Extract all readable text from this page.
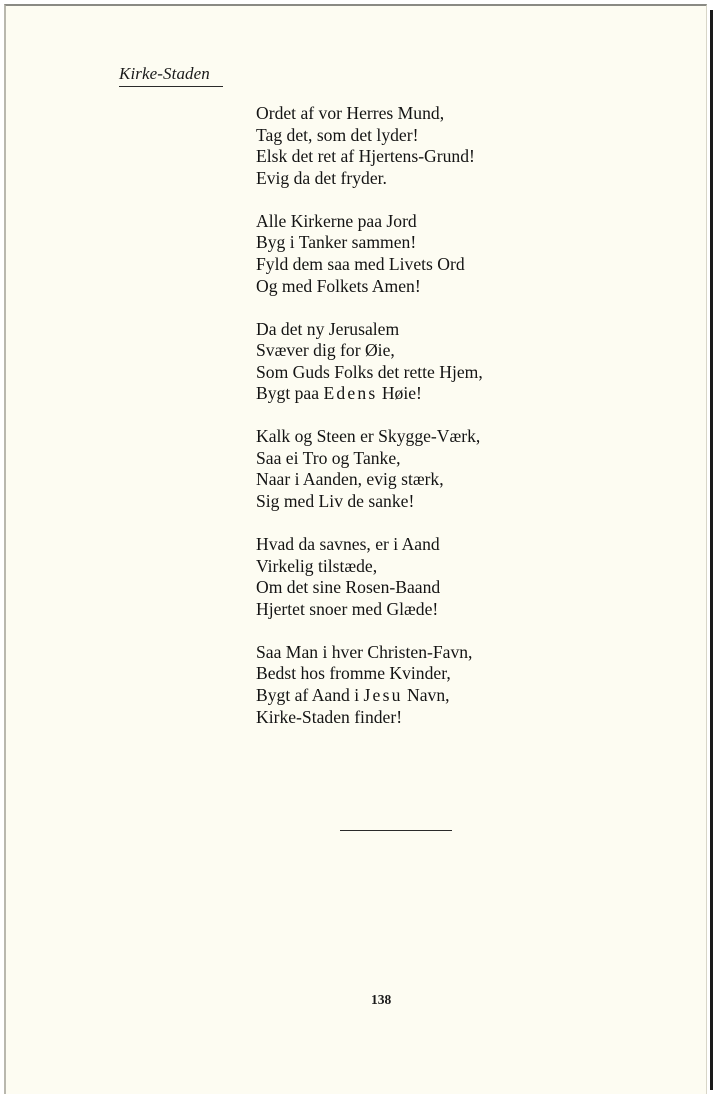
Kirke-Staden
Ordet af vor Herres Mund,
Tag det, som det lyder!
Elsk det ret af Hjertens-Grund!
Evig da det fryder.
Alle Kirkerne paa Jord
Byg i Tanker sammen!
Fyld dem saa med Livets Ord
Og med Folkets Amen!
Da det ny Jerusalem
Svæver dig for Øie,
Som Guds Folks det rette Hjem,
Bygt paa Edens Høie!
Kalk og Steen er Skygge-Værk,
Saa ei Tro og Tanke,
Naar i Aanden, evig stærk,
Sig med Liv de sanke!
Hvad da savnes, er i Aand
Virkelig tilstæde,
Om det sine Rosen-Baand
Hjertet snoer med Glæde!
Saa Man i hver Christen-Favn,
Bedst hos fromme Kvinder,
Bygt af Aand i Jesu Navn,
Kirke-Staden finder!
138
